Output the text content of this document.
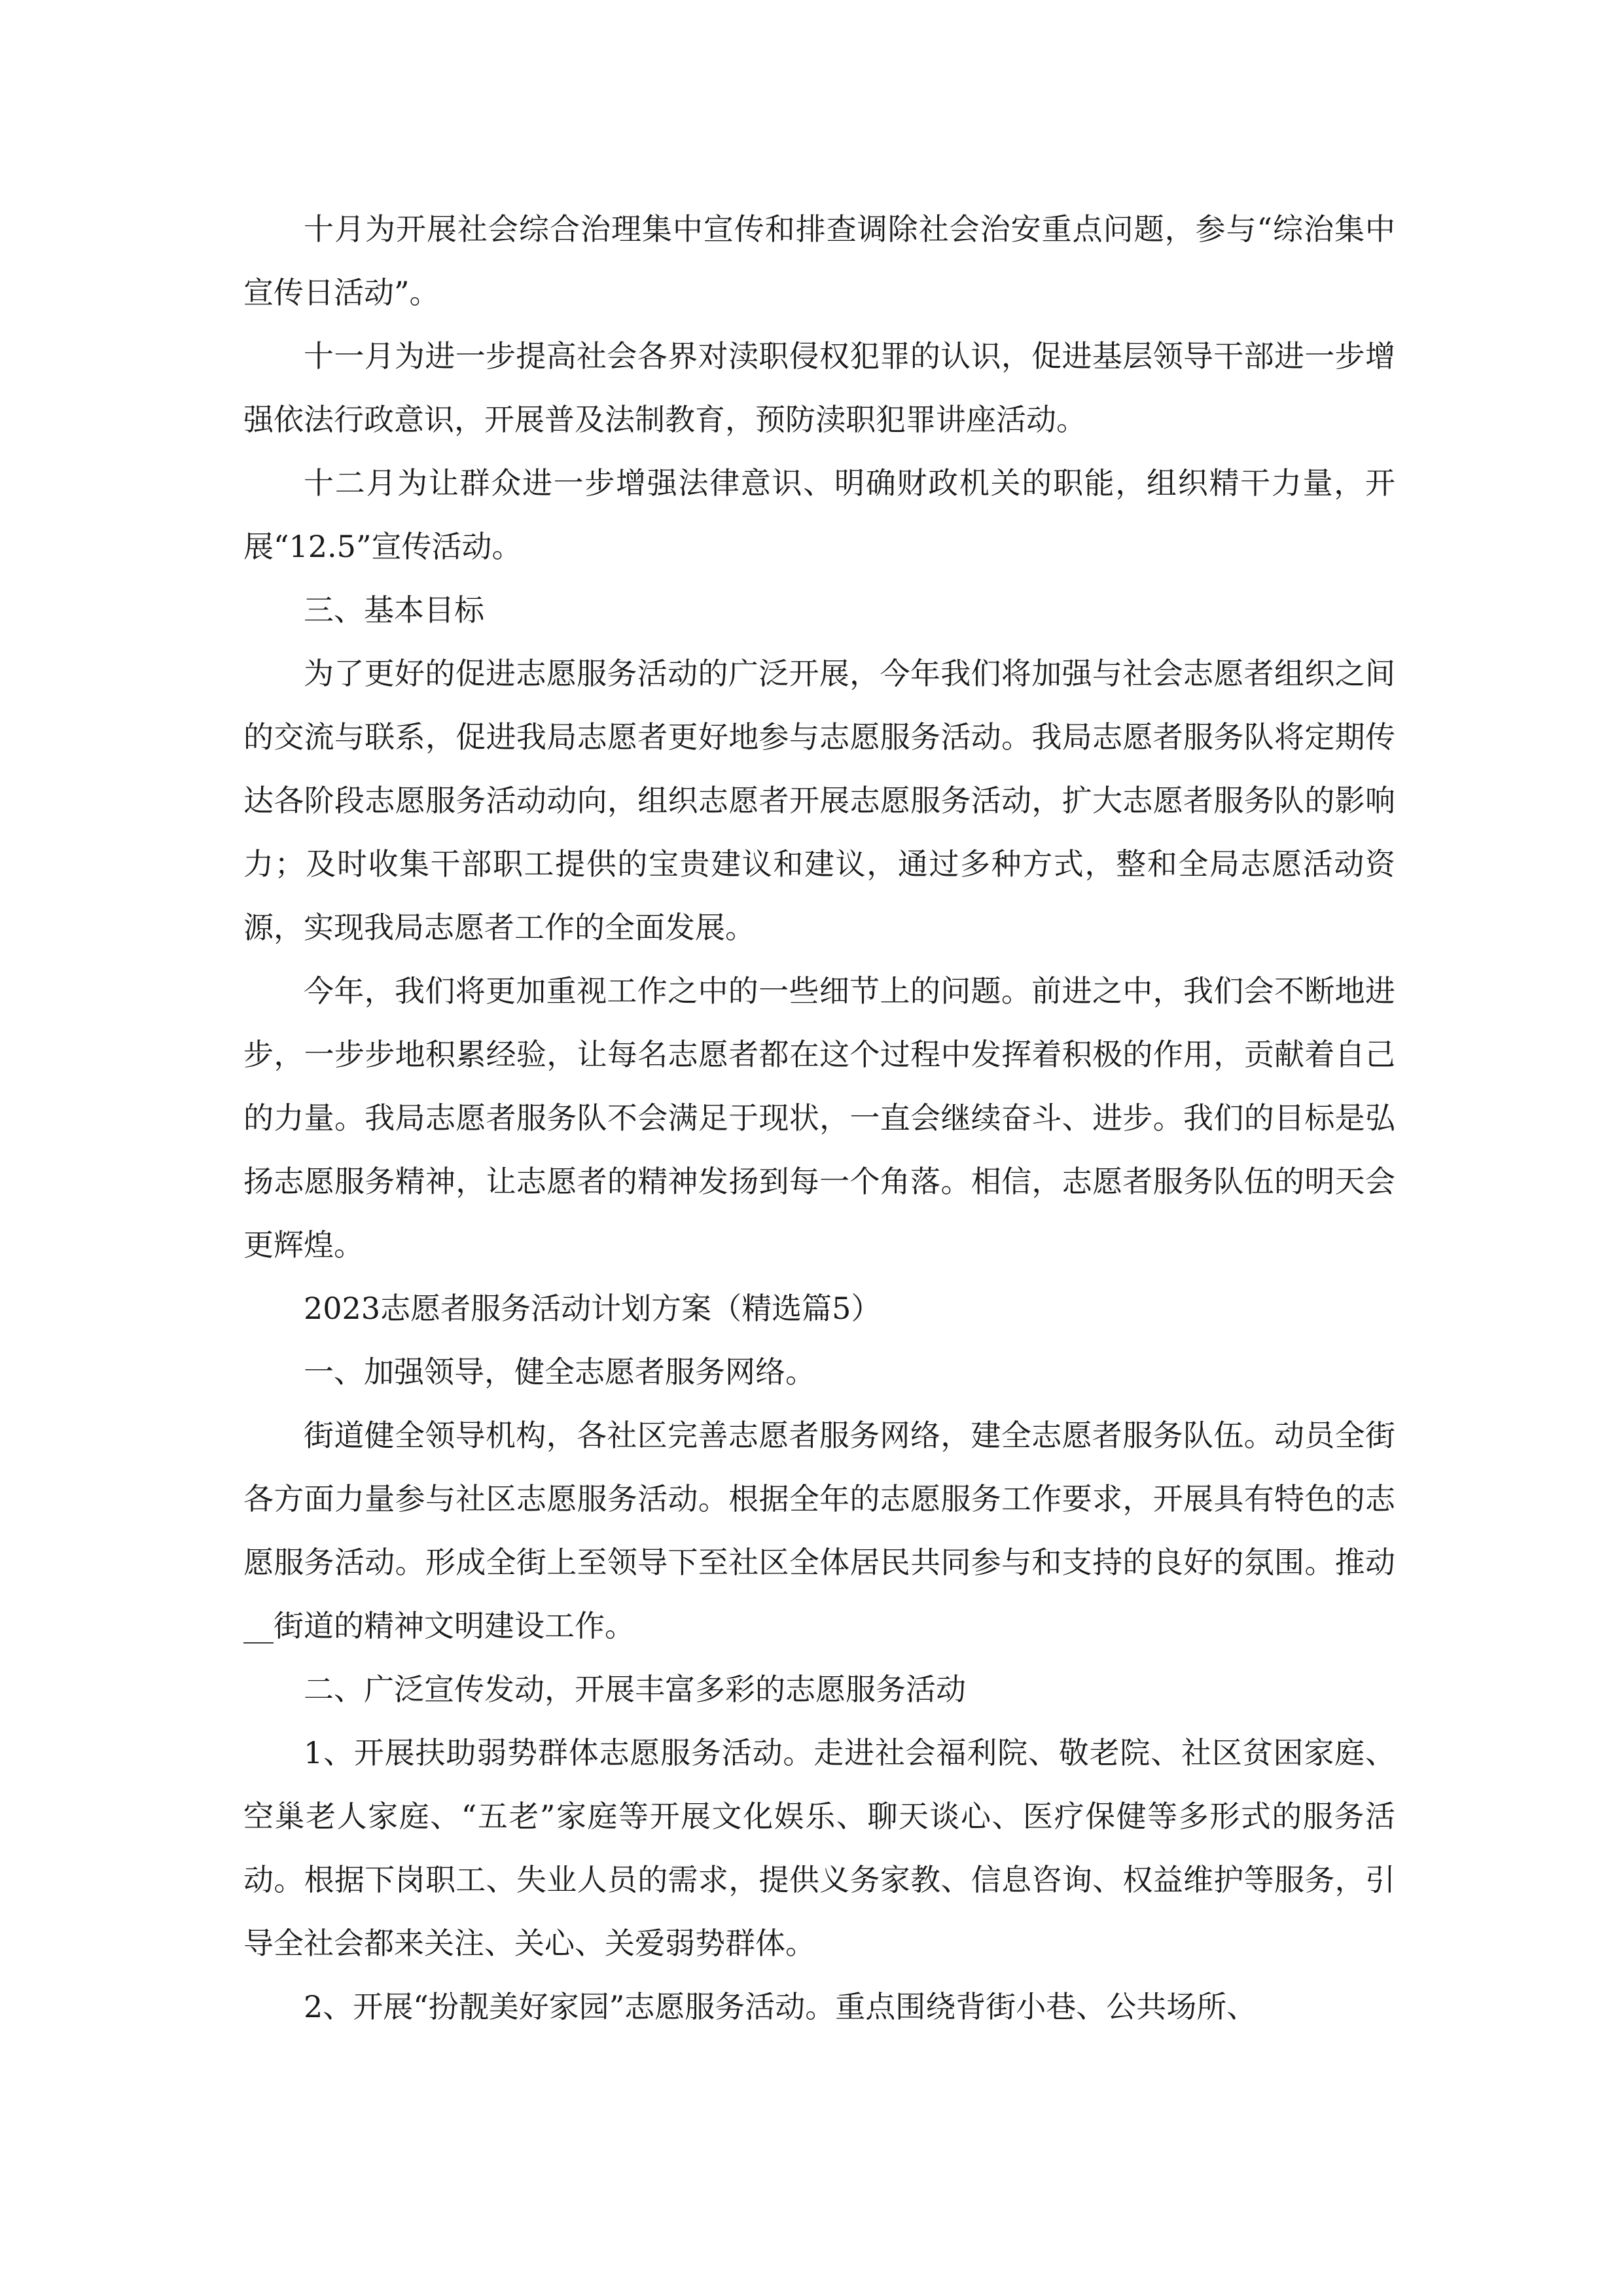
十月为开展社会综合治理集中宣传和排查调除社会治安重点问题，参与“综治集中宣传日活动”。

十一月为进一步提高社会各界对渎职侵权犯罪的认识，促进基层领导干部进一步增强依法行政意识，开展普及法制教育，预防渎职犯罪讲座活动。

十二月为让群众进一步增强法律意识、明确财政机关的职能，组织精干力量，开展“12.5”宣传活动。

三、基本目标

为了更好的促进志愿服务活动的广泛开展，今年我们将加强与社会志愿者组织之间的交流与联系，促进我局志愿者更好地参与志愿服务活动。我局志愿者服务队将定期传达各阶段志愿服务活动动向，组织志愿者开展志愿服务活动，扩大志愿者服务队的影响力；及时收集干部职工提供的宝贵建议和建议，通过多种方式，整和全局志愿活动资源，实现我局志愿者工作的全面发展。

今年，我们将更加重视工作之中的一些细节上的问题。前进之中，我们会不断地进步，一步步地积累经验，让每名志愿者都在这个过程中发挥着积极的作用，贡献着自己的力量。我局志愿者服务队不会满足于现状，一直会继续奋斗、进步。我们的目标是弘扬志愿服务精神，让志愿者的精神发扬到每一个角落。相信，志愿者服务队伍的明天会更辉煌。

2023志愿者服务活动计划方案（精选篇5）

一、加强领导，健全志愿者服务网络。

街道健全领导机构，各社区完善志愿者服务网络，建全志愿者服务队伍。动员全街各方面力量参与社区志愿服务活动。根据全年的志愿服务工作要求，开展具有特色的志愿服务活动。形成全街上至领导下至社区全体居民共同参与和支持的良好的氛围。推动__街道的精神文明建设工作。

二、广泛宣传发动，开展丰富多彩的志愿服务活动

1、开展扶助弱势群体志愿服务活动。走进社会福利院、敬老院、社区贫困家庭、空巢老人家庭、“五老”家庭等开展文化娱乐、聊天谈心、医疗保健等多形式的服务活动。根据下岗职工、失业人员的需求，提供义务家教、信息咨询、权益维护等服务，引导全社会都来关注、关心、关爱弱势群体。

2、开展“扮靓美好家园”志愿服务活动。重点围绕背街小巷、公共场所、
